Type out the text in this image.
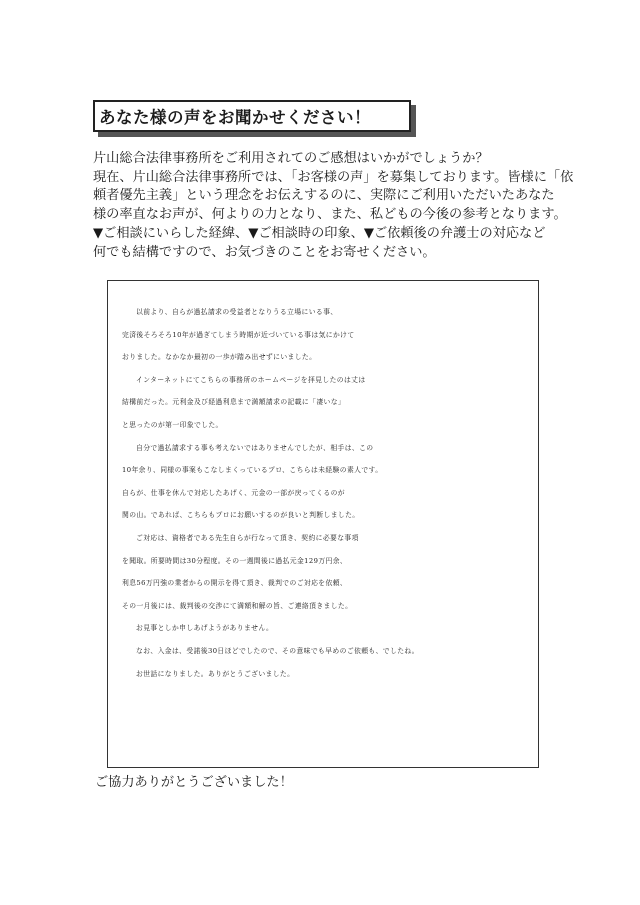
あなた様の声をお聞かせください！
片山総合法律事務所をご利用されてのご感想はいかがでしょうか？
現在、片山総合法律事務所では、「お客様の声」を募集しております。皆様に「依
頼者優先主義」という理念をお伝えするのに、実際にご利用いただいたあなた
様の率直なお声が、何よりの力となり、また、私どもの今後の参考となります。
▼ご相談にいらした経緯、▼ご相談時の印象、▼ご依頼後の弁護士の対応など
何でも結構ですので、お気づきのことをお寄せください。
以前より、自らが過払請求の受益者となりうる立場にいる事、
完済後そろそろ10年が過ぎてしまう時期が近づいている事は気にかけて
おりました。なかなか最初の一歩が踏み出せずにいました。
インターネットにてこちらの事務所のホームページを拝見したのは丈は
結構前だった。元利金及び経過利息まで満額請求の記載に「凄いな」
と思ったのが第一印象でした。
自分で過払請求する事も考えないではありませんでしたが、相手は、この
10年余り、同様の事案もこなしまくっているプロ、こちらは未経験の素人です。
自らが、仕事を休んで対応したあげく、元金の一部が戻ってくるのが
関の山。であれば、こちらもプロにお願いするのが良いと判断しました。
ご対応は、資格者である先生自らが行なって頂き、契約に必要な事項
を聞取。所要時間は30分程度。その一週間後に過払元金129万円余、
利息56万円強の業者からの開示を得て頂き、裁判でのご対応を依頼、
その一月後には、裁判後の交渉にて満額和解の旨、ご連絡頂きました。
お見事としか申しあげようがありません。
なお、入金は、受諾後30日ほどでしたので、その意味でも早めのご依頼も、でしたね。
お世話になりました。ありがとうございました。
ご協力ありがとうございました！
